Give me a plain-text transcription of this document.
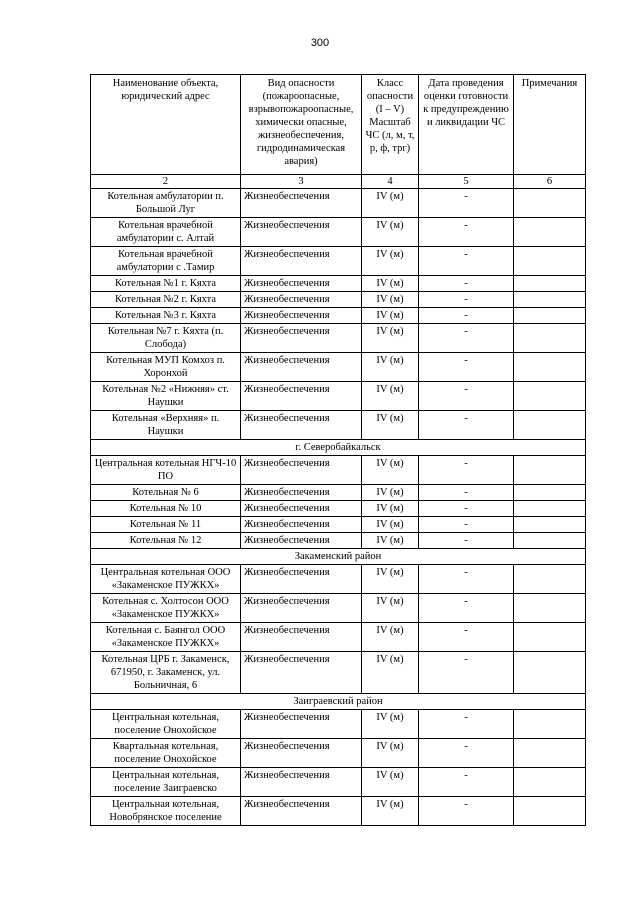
300
Наименование объекта, юридический адрес	Вид опасности (пожароопасные, взрывопожароопасные, химически опасные, жизнеобеспечения, гидродинамическая авария)	Класс опасности (I – V) Масштаб ЧС (л, м, т, р, ф, трг)	Дата проведения оценки готовности к предупреждению и ликвидации ЧС	Примечания
2	3	4	5	6
Котельная амбулатории п. Большой Луг	Жизнеобеспечения	IV (м)	-	
Котельная врачебной амбулатории с. Алтай	Жизнеобеспечения	IV (м)	-	
Котельная врачебной амбулатории с .Тамир	Жизнеобеспечения	IV (м)	-	
Котельная №1 г. Кяхта	Жизнеобеспечения	IV (м)	-	
Котельная №2 г. Кяхта	Жизнеобеспечения	IV (м)	-	
Котельная №3 г. Кяхта	Жизнеобеспечения	IV (м)	-	
Котельная №7 г. Кяхта (п. Слобода)	Жизнеобеспечения	IV (м)	-	
Котельная МУП Комхоз п. Хоронхой	Жизнеобеспечения	IV (м)	-	
Котельная №2 «Нижняя» ст. Наушки	Жизнеобеспечения	IV (м)	-	
Котельная «Верхняя» п. Наушки	Жизнеобеспечения	IV (м)	-	
г. Северобайкальск				
Центральная котельная НГЧ-10 ПО	Жизнеобеспечения	IV (м)	-	
Котельная № 6	Жизнеобеспечения	IV (м)	-	
Котельная № 10	Жизнеобеспечения	IV (м)	-	
Котельная № 11	Жизнеобеспечения	IV (м)	-	
Котельная № 12	Жизнеобеспечения	IV (м)	-	
Закаменский район				
Центральная котельная ООО «Закаменское ПУЖКХ»	Жизнеобеспечения	IV (м)	-	
Котельная с. Холтосон ООО «Закаменское ПУЖКХ»	Жизнеобеспечения	IV (м)	-	
Котельная с. Баянгол ООО «Закаменское ПУЖКХ»	Жизнеобеспечения	IV (м)	-	
Котельная ЦРБ г. Закаменск, 671950, г. Закаменск, ул. Больничная, 6	Жизнеобеспечения	IV (м)	-	
Заиграевский район				
Центральная котельная, поселение Онохойское	Жизнеобеспечения	IV (м)	-	
Квартальная котельная, поселение Онохойское	Жизнеобеспечения	IV (м)	-	
Центральная котельная, поселение Заиграевско	Жизнеобеспечения	IV (м)	-	
Центральная котельная, Новобрянское поселение	Жизнеобеспечения	IV (м)	-	
